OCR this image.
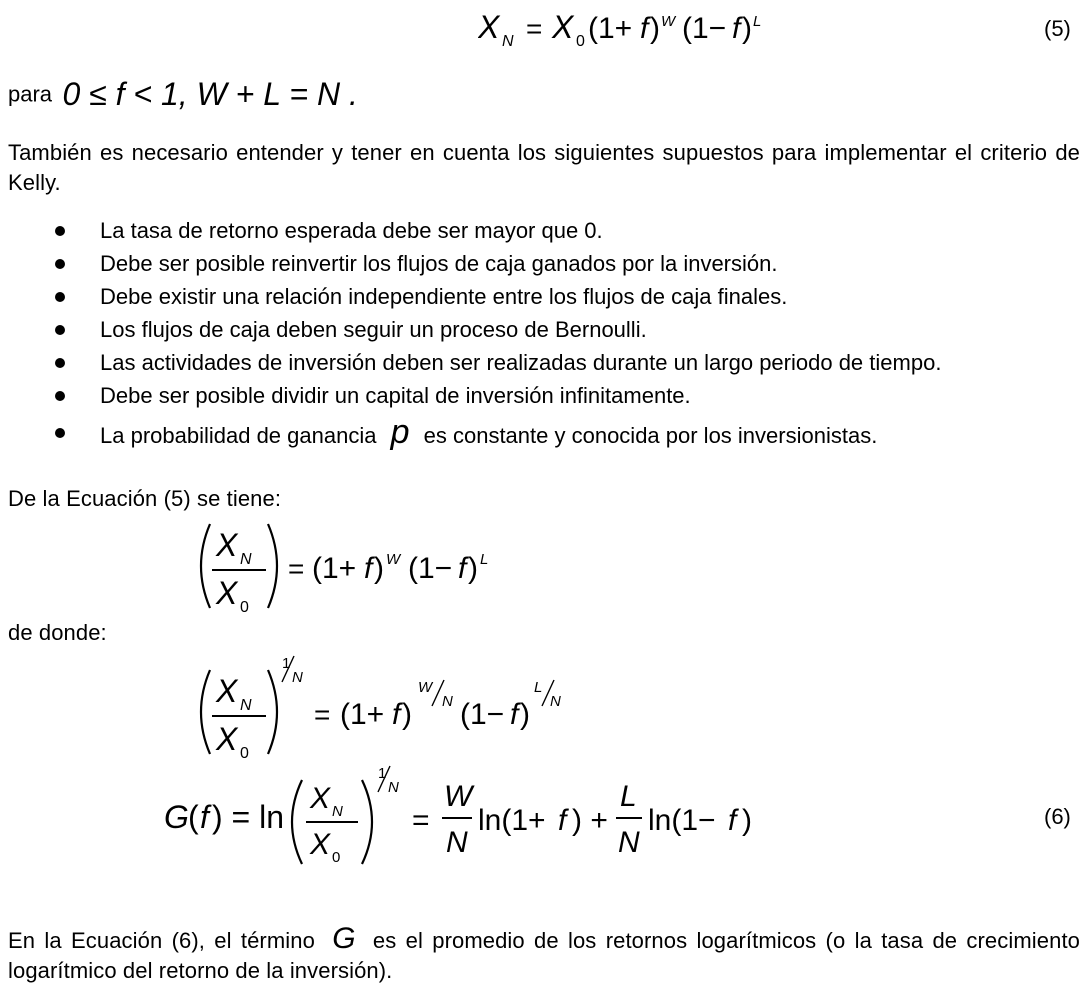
X N = X 0 (1+ f ) W (1− f ) L	(5)
para 0 ≤ f < 1, W + L = N .
También es necesario entender y tener en cuenta los siguientes supuestos para implementar el criterio de Kelly.
La tasa de retorno esperada debe ser mayor que 0.
Debe ser posible reinvertir los flujos de caja ganados por la inversión.
Debe existir una relación independiente entre los flujos de caja finales.
Los flujos de caja deben seguir un proceso de Bernoulli.
Las actividades de inversión deben ser realizadas durante un largo periodo de tiempo.
Debe ser posible dividir un capital de inversión infinitamente.
La probabilidad de ganancia p es constante y conocida por los inversionistas.
De la Ecuación (5) se tiene:
X N
X 0
= (1+ f ) W (1− f ) L
de donde:
X N
X 0
1
N
= (1+ f )
W
N (1− f )
L
N
G ( f ) = ln
X N
X 0
1
N
=
W
N
ln(1+ f ) +
L
N
ln(1− f )	(6)
En la Ecuación (6), el término G es el promedio de los retornos logarítmicos (o la tasa de crecimiento logarítmico del retorno de la inversión).
